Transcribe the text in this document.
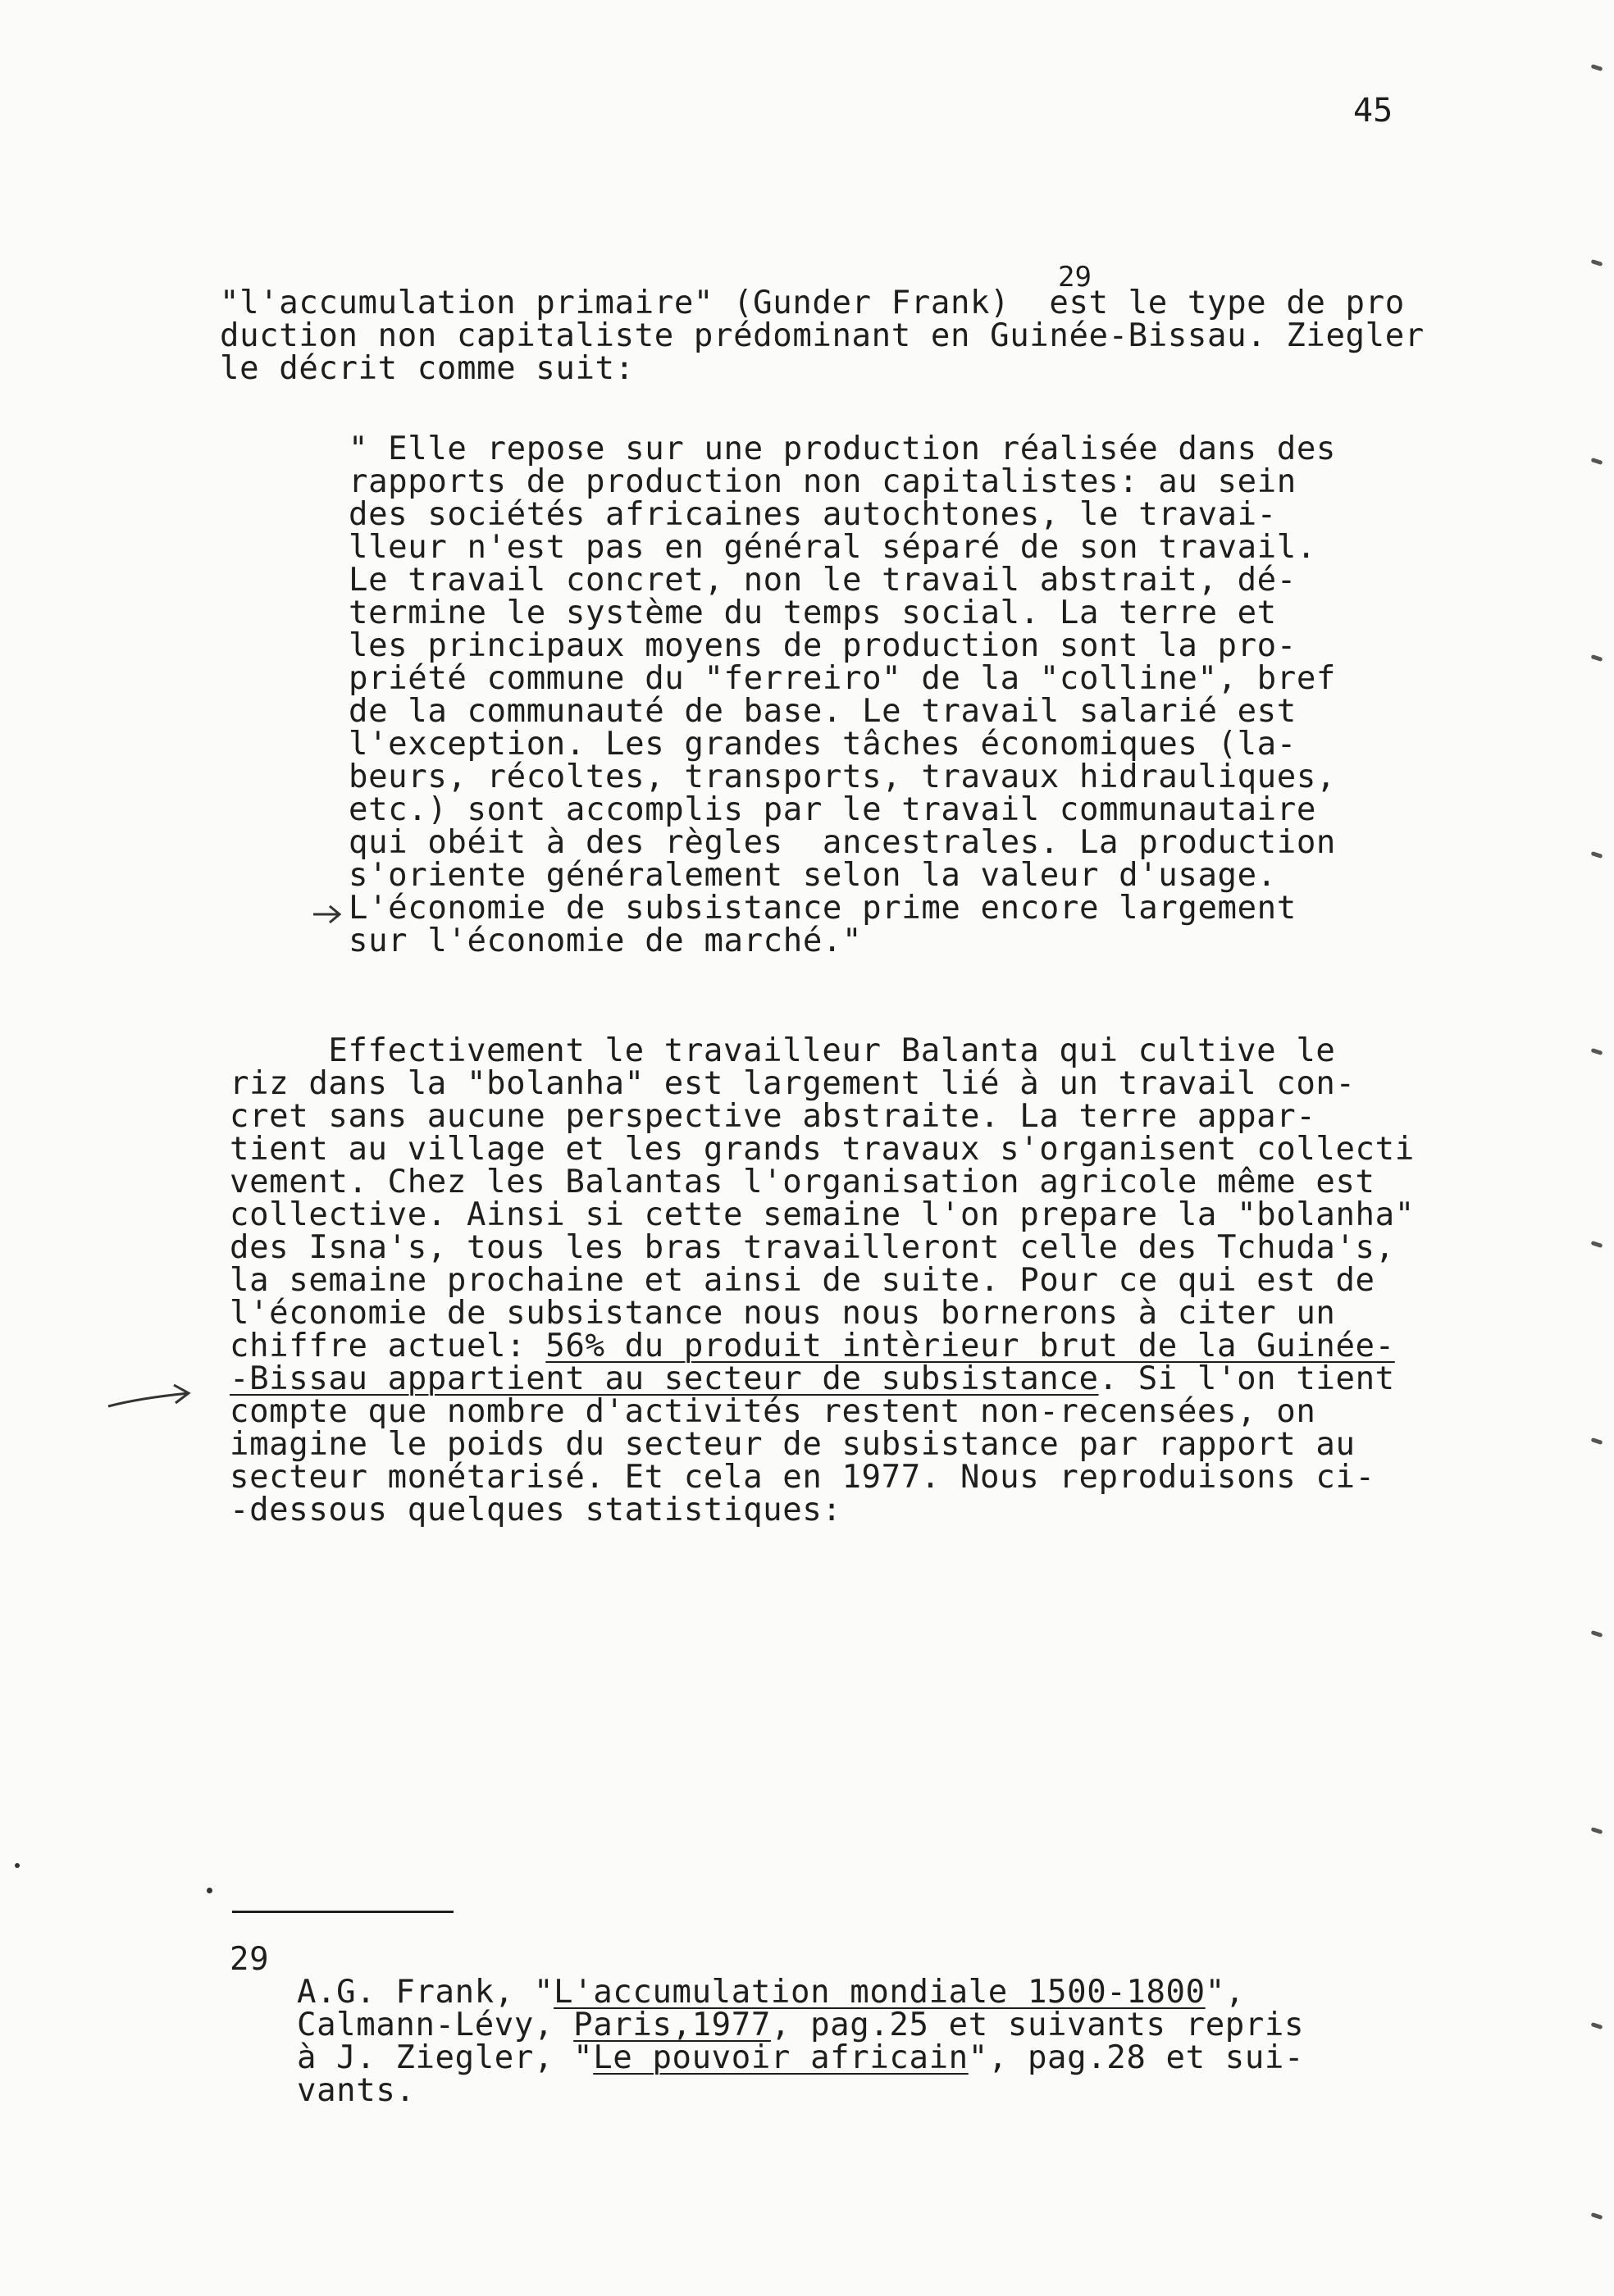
45
"l'accumulation primaire" (Gunder Frank)  est le type de pro
29
duction non capitaliste prédominant en Guinée-Bissau. Ziegler
le décrit comme suit:
" Elle repose sur une production réalisée dans des
rapports de production non capitalistes: au sein
des sociétés africaines autochtones, le travai-
lleur n'est pas en général séparé de son travail.
Le travail concret, non le travail abstrait, dé-
termine le système du temps social. La terre et
les principaux moyens de production sont la pro-
priété commune du "ferreiro" de la "colline", bref
de la communauté de base. Le travail salarié est
l'exception. Les grandes tâches économiques (la-
beurs, récoltes, transports, travaux hidrauliques,
etc.) sont accomplis par le travail communautaire
qui obéit à des règles  ancestrales. La production
s'oriente généralement selon la valeur d'usage.
L'économie de subsistance prime encore largement
sur l'économie de marché."
Effectivement le travailleur Balanta qui cultive le
riz dans la "bolanha" est largement lié à un travail con-
cret sans aucune perspective abstraite. La terre appar-
tient au village et les grands travaux s'organisent collecti
vement. Chez les Balantas l'organisation agricole même est
collective. Ainsi si cette semaine l'on prepare la "bolanha"
des Isna's, tous les bras travailleront celle des Tchuda's,
la semaine prochaine et ainsi de suite. Pour ce qui est de
l'économie de subsistance nous nous bornerons à citer un
chiffre actuel: 56% du produit intèrieur brut de la Guinée-
-Bissau appartient au secteur de subsistance. Si l'on tient
compte que nombre d'activités restent non-recensées, on
imagine le poids du secteur de subsistance par rapport au
secteur monétarisé. Et cela en 1977. Nous reproduisons ci-
-dessous quelques statistiques:
29
A.G. Frank, "L'accumulation mondiale 1500-1800",
Calmann-Lévy, Paris,1977, pag.25 et suivants repris
à J. Ziegler, "Le pouvoir africain", pag.28 et sui-
vants.
